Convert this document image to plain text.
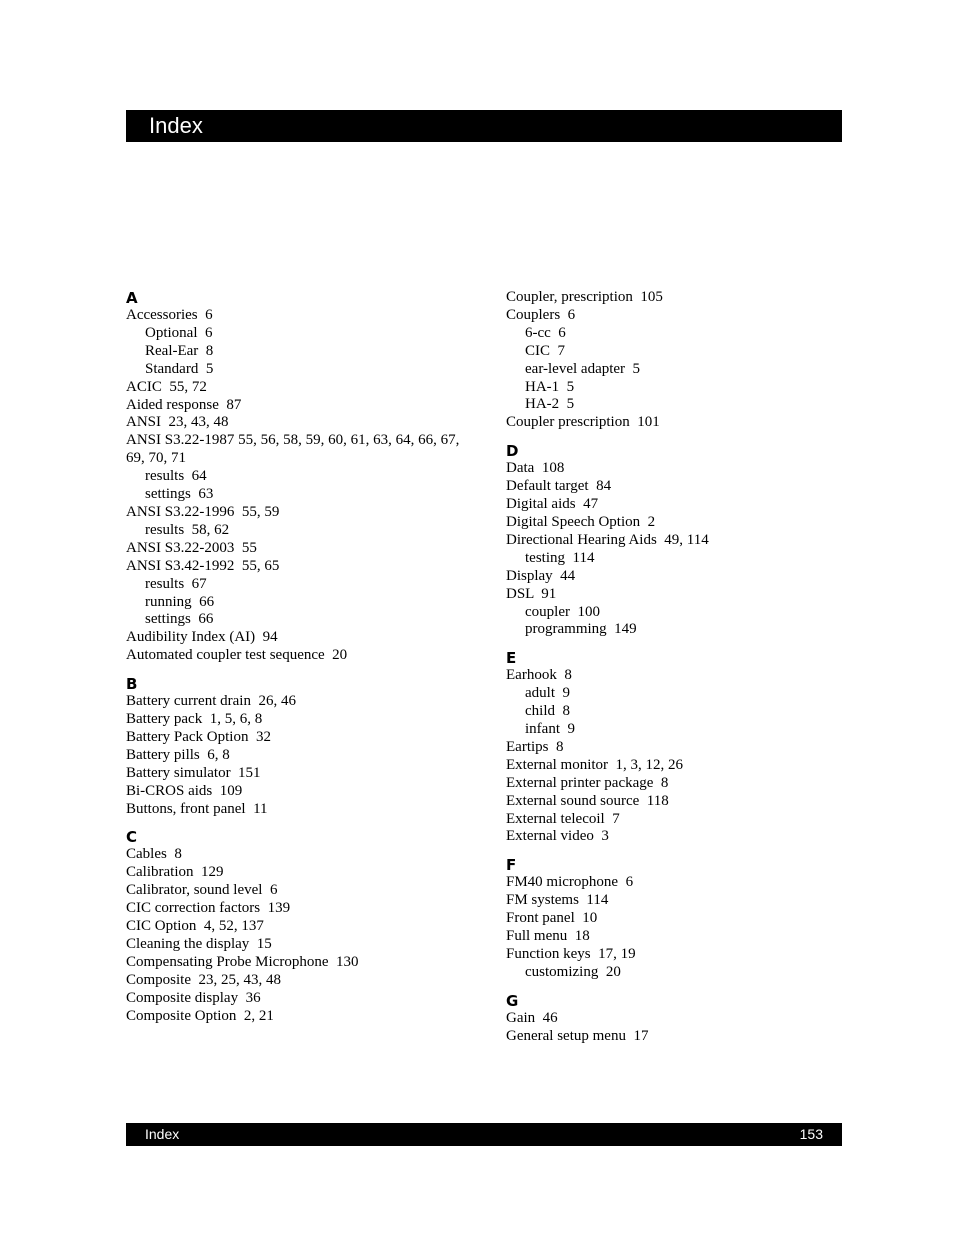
Index
A
Accessories  6
Optional  6
Real-Ear  8
Standard  5
ACIC  55, 72
Aided response  87
ANSI  23, 43, 48
ANSI S3.22-1987 55, 56, 58, 59, 60, 61, 63, 64, 66, 67, 69, 70, 71
results  64
settings  63
ANSI S3.22-1996  55, 59
results  58, 62
ANSI S3.22-2003  55
ANSI S3.42-1992  55, 65
results  67
running  66
settings  66
Audibility Index (AI)  94
Automated coupler test sequence  20
B
Battery current drain  26, 46
Battery pack  1, 5, 6, 8
Battery Pack Option  32
Battery pills  6, 8
Battery simulator  151
Bi-CROS aids  109
Buttons, front panel  11
C
Cables  8
Calibration  129
Calibrator, sound level  6
CIC correction factors  139
CIC Option  4, 52, 137
Cleaning the display  15
Compensating Probe Microphone  130
Composite  23, 25, 43, 48
Composite display  36
Composite Option  2, 21
Coupler, prescription  105
Couplers  6
6-cc  6
CIC  7
ear-level adapter  5
HA-1  5
HA-2  5
Coupler prescription  101
D
Data  108
Default target  84
Digital aids  47
Digital Speech Option  2
Directional Hearing Aids  49, 114
testing  114
Display  44
DSL  91
coupler  100
programming  149
E
Earhook  8
adult  9
child  8
infant  9
Eartips  8
External monitor  1, 3, 12, 26
External printer package  8
External sound source  118
External telecoil  7
External video  3
F
FM40 microphone  6
FM systems  114
Front panel  10
Full menu  18
Function keys  17, 19
customizing  20
G
Gain  46
General setup menu  17
Index	153
